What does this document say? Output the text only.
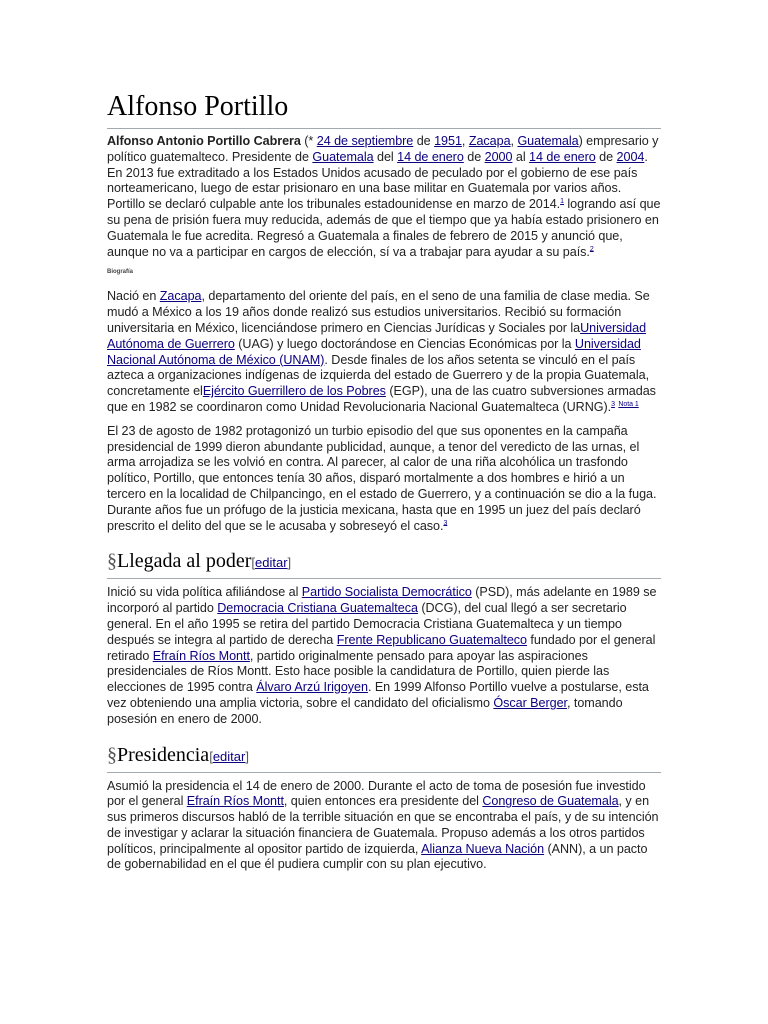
Alfonso Portillo

Alfonso Antonio Portillo Cabrera (* 24 de septiembre de 1951, Zacapa, Guatemala) empresario y político guatemalteco. Presidente de Guatemala del 14 de enero de 2000 al 14 de enero de 2004. En 2013 fue extraditado a los Estados Unidos acusado de peculado por el gobierno de ese país norteamericano, luego de estar prisionaro en una base militar en Guatemala por varios años. Portillo se declaró culpable ante los tribunales estadounidense en marzo de 2014.$^1$ logrando así que su pena de prisión fuera muy reducida, además de que el tiempo que ya había estado prisionero en Guatemala le fue acredita. Regresó a Guatemala a finales de febrero de 2015 y anunció que, aunque no va a participar en cargos de elección, sí va a trabajar para ayudar a su país.$^2$

Biografía

Nació en Zacapa, departamento del oriente del país, en el seno de una familia de clase media. Se mudó a México a los 19 años donde realizó sus estudios universitarios. Recibió su formación universitaria en México, licenciándose primero en Ciencias Jurídicas y Sociales por laUniversidad Autónoma de Guerrero (UAG) y luego doctorándose en Ciencias Económicas por la Universidad Nacional Autónoma de México (UNAM). Desde finales de los años setenta se vinculó en el país azteca a organizaciones indígenas de izquierda del estado de Guerrero y de la propia Guatemala, concretamente elEjército Guerrillero de los Pobres (EGP), una de las cuatro subversiones armadas que en 1982 se coordinaron como Unidad Revolucionaria Nacional Guatemalteca (URNG).$^3$ $^{Nota 1}$

El 23 de agosto de 1982 protagonizó un turbio episodio del que sus oponentes en la campaña presidencial de 1999 dieron abundante publicidad, aunque, a tenor del veredicto de las urnas, el arma arrojadiza se les volvió en contra. Al parecer, al calor de una riña alcohólica un trasfondo político, Portillo, que entonces tenía 30 años, disparó mortalmente a dos hombres e hirió a un tercero en la localidad de Chilpancingo, en el estado de Guerrero, y a continuación se dio a la fuga. Durante años fue un prófugo de la justicia mexicana, hasta que en 1995 un juez del país declaró prescrito el delito del que se le acusaba y sobreseyó el caso.$^3$

§Llegada al poder[editar]

Inició su vida política afiliándose al Partido Socialista Democrático (PSD), más adelante en 1989 se incorporó al partido Democracia Cristiana Guatemalteca (DCG), del cual llegó a ser secretario general. En el año 1995 se retira del partido Democracia Cristiana Guatemalteca y un tiempo después se integra al partido de derecha Frente Republicano Guatemalteco fundado por el general retirado Efraín Ríos Montt, partido originalmente pensado para apoyar las aspiraciones presidenciales de Ríos Montt. Esto hace posible la candidatura de Portillo, quien pierde las elecciones de 1995 contra Álvaro Arzú Irigoyen. En 1999 Alfonso Portillo vuelve a postularse, esta vez obteniendo una amplia victoria, sobre el candidato del oficialismo Óscar Berger, tomando posesión en enero de 2000.

§Presidencia[editar]

Asumió la presidencia el 14 de enero de 2000. Durante el acto de toma de posesión fue investido por el general Efraín Ríos Montt, quien entonces era presidente del Congreso de Guatemala, y en sus primeros discursos habló de la terrible situación en que se encontraba el país, y de su intención de investigar y aclarar la situación financiera de Guatemala. Propuso además a los otros partidos políticos, principalmente al opositor partido de izquierda, Alianza Nueva Nación (ANN), a un pacto de gobernabilidad en el que él pudiera cumplir con su plan ejecutivo.
